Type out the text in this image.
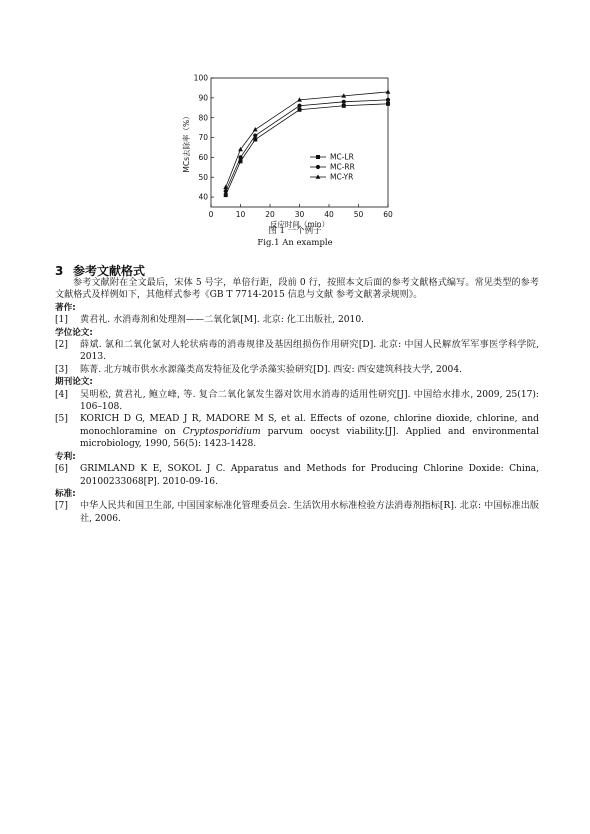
0	10	20	30	40	50	60
40
50
60
70
80
90
100
反应时间（min）
MCs去除率（%）	MC-LR
MC-RR
MC-YR
图 1 一个例子
Fig.1 An example
3 参考文献格式

参考文献附在全文最后，宋体 5 号字，单倍行距，段前 0 行，按照本文后面的参考文献格式编写。常见类型的参考文献格式及样例如下，其他样式参考《GB T 7714-2015 信息与文献 参考文献著录规则》。

著作:

[1]	黄君礼. 水消毒剂和处理剂——二氧化氯[M]. 北京: 化工出版社, 2010.

学位论文:

[2]	薛斌. 氯和二氧化氯对人轮状病毒的消毒规律及基因组损伤作用研究[D]. 北京: 中国人民解放军军事医学科学院, 2013.
[3]	陈菁. 北方城市供水水源藻类高发特征及化学杀藻实验研究[D]. 西安: 西安建筑科技大学, 2004.

期刊论文:

[4]	吴明松, 黄君礼, 鲍立峰, 等. 复合二氧化氯发生器对饮用水消毒的适用性研究[J]. 中国给水排水, 2009, 25(17): 106–108.
[5]	KORICH D G, MEAD J R, MADORE M S, et al. Effects of ozone, chlorine dioxide, chlorine, and monochloramine on Cryptosporidium parvum oocyst viability.[J]. Applied and environmental microbiology, 1990, 56(5): 1423-1428.

专利:

[6]	GRIMLAND K E, SOKOL J C. Apparatus and Methods for Producing Chlorine Doxide: China, 20100233068[P]. 2010-09-16.

标准:

[7]	中华人民共和国卫生部, 中国国家标准化管理委员会. 生活饮用水标准检验方法消毒剂指标[R]. 北京: 中国标准出版社, 2006.
